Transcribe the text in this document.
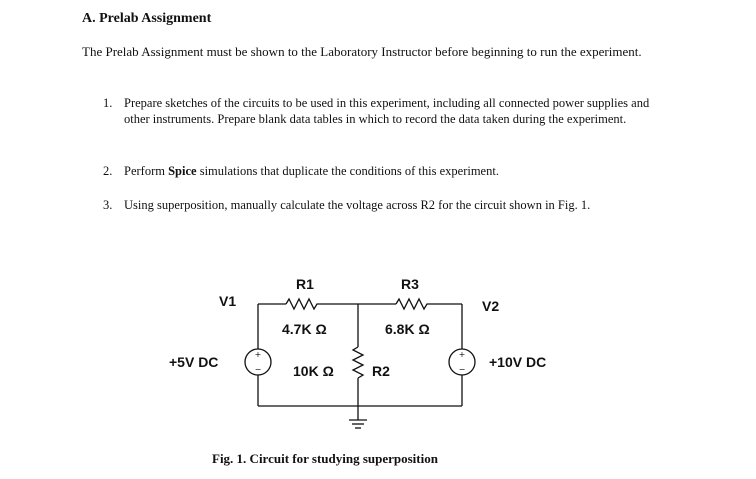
A. Prelab Assignment

The Prelab Assignment must be shown to the Laboratory Instructor before beginning to run the experiment.

1. Prepare sketches of the circuits to be used in this experiment, including all connected power supplies and other instruments. Prepare blank data tables in which to record the data taken during the experiment.
2. Perform Spice simulations that duplicate the conditions of this experiment.
3. Using superposition, manually calculate the voltage across R2 for the circuit shown in Fig. 1.
+
−
+
−
V1
+5V DC
V2
+10V DC
R1
4.7K Ω
R3
6.8K Ω
10K Ω	R2

Fig. 1. Circuit for studying superposition
